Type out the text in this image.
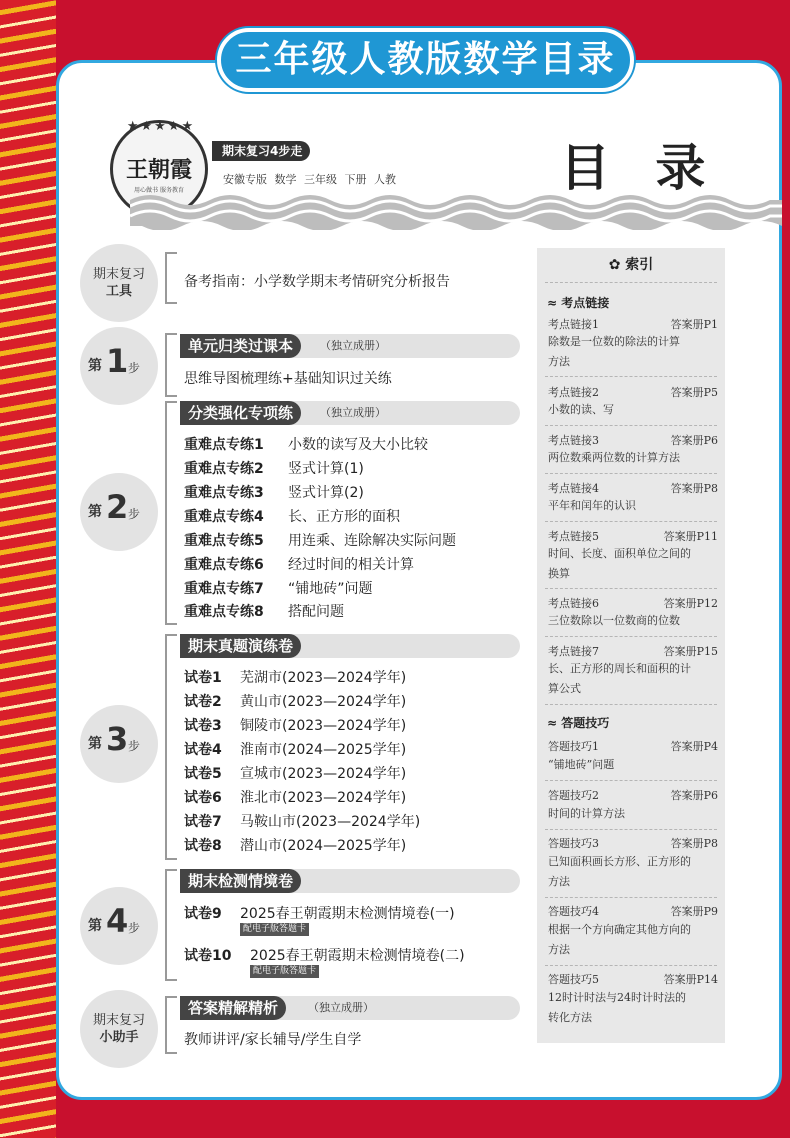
三年级人教版数学目录
★★★★★
王朝霞
用心做书 服务教育
期末复习4步走
安徽专版 数学 三年级 下册 人教	目 录
期末复习
工具
备考指南：小学数学期末考情研究分析报告
第 1 步
单元归类过课本	（独立成册）
思维导图梳理练+基础知识过关练
第 2 步
分类强化专项练	（独立成册）
重难点专练1 小数的读写及大小比较
重难点专练2 竖式计算(1)
重难点专练3 竖式计算(2)
重难点专练4 长、正方形的面积
重难点专练5 用连乘、连除解决实际问题
重难点专练6 经过时间的相关计算
重难点专练7 “铺地砖”问题
重难点专练8 搭配问题
第 3 步
期末真题演练卷
试卷1 芜湖市(2023—2024学年)
试卷2 黄山市(2023—2024学年)
试卷3 铜陵市(2023—2024学年)
试卷4 淮南市(2024—2025学年)
试卷5 宣城市(2023—2024学年)
试卷6 淮北市(2023—2024学年)
试卷7 马鞍山市(2023—2024学年)
试卷8 潜山市(2024—2025学年)
第 4 步
期末检测情境卷
试卷9 2025春王朝霞期末检测情境卷(一)
配电子版答题卡
试卷10 2025春王朝霞期末检测情境卷(二)
配电子版答题卡
期末复习
小助手
答案精解精析	（独立成册）
教师讲评/家长辅导/学生自学
✿ 索引
≈ 考点链接
考点链接1	答案册P1
除数是一位数的除法的计算
方法
考点链接2	答案册P5
小数的读、写
考点链接3	答案册P6
两位数乘两位数的计算方法
考点链接4	答案册P8
平年和闰年的认识
考点链接5	答案册P11
时间、长度、面积单位之间的
换算
考点链接6	答案册P12
三位数除以一位数商的位数
考点链接7	答案册P15
长、正方形的周长和面积的计
算公式
≈ 答题技巧
答题技巧1	答案册P4
“铺地砖”问题
答题技巧2	答案册P6
时间的计算方法
答题技巧3	答案册P8
已知面积画长方形、正方形的
方法
答题技巧4	答案册P9
根据一个方向确定其他方向的
方法
答题技巧5	答案册P14
12时计时法与24时计时法的
转化方法
